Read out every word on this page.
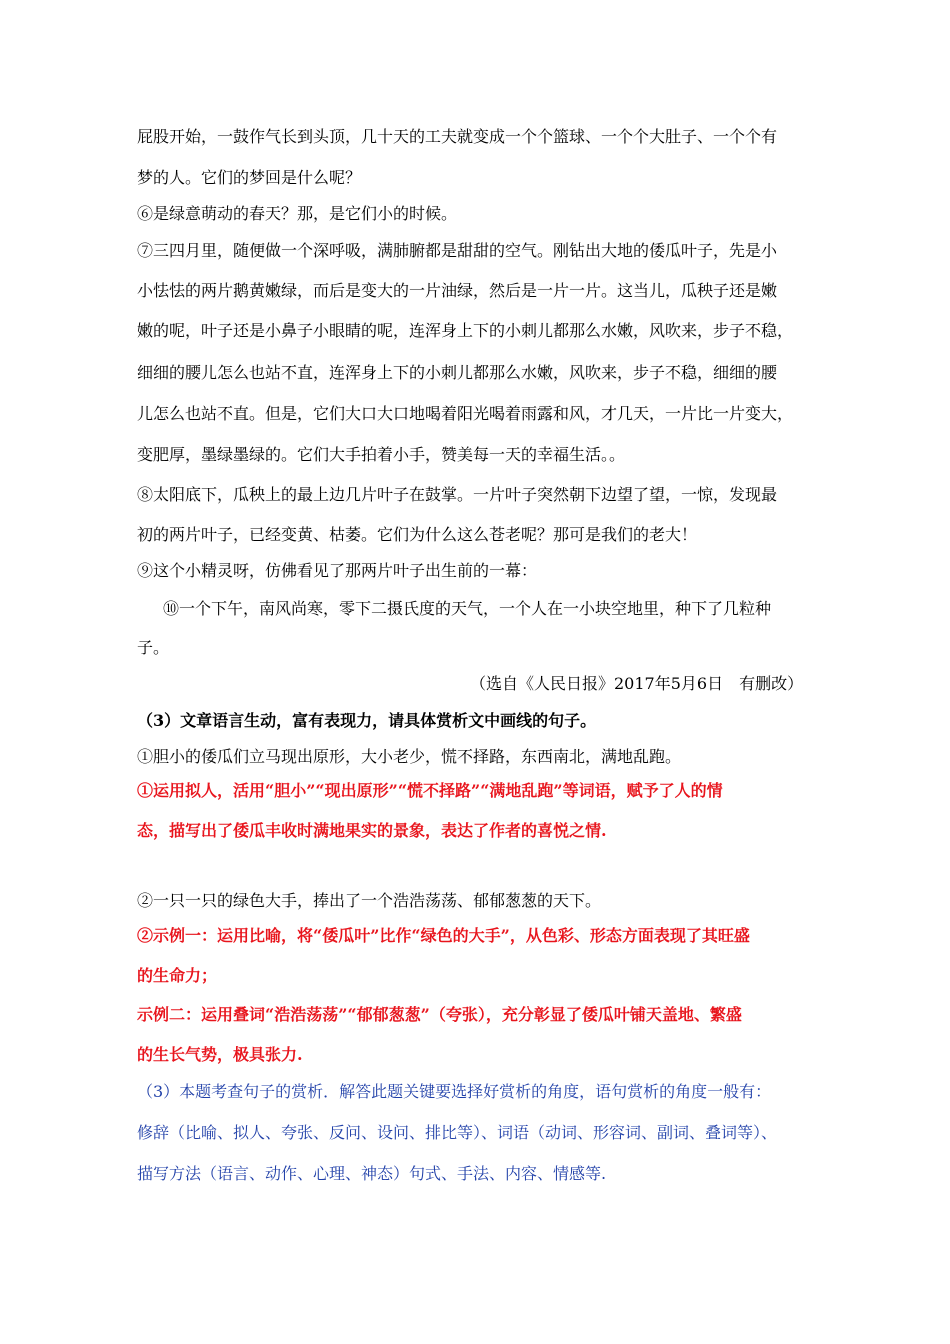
屁股开始，一鼓作气长到头顶，几十天的工夫就变成一个个篮球、一个个大肚子、一个个有
梦的人。它们的梦回是什么呢？
⑥是绿意萌动的春天？那，是它们小的时候。
⑦三四月里，随便做一个深呼吸，满肺腑都是甜甜的空气。刚钻出大地的倭瓜叶子，先是小
小怯怯的两片鹅黄嫩绿，而后是变大的一片油绿，然后是一片一片。这当儿，瓜秧子还是嫩
嫩的呢，叶子还是小鼻子小眼睛的呢，连浑身上下的小刺儿都那么水嫩，风吹来，步子不稳，
细细的腰儿怎么也站不直，连浑身上下的小刺儿都那么水嫩，风吹来，步子不稳，细细的腰
儿怎么也站不直。但是，它们大口大口地喝着阳光喝着雨露和风，才几天，一片比一片变大，
变肥厚，墨绿墨绿的。它们大手拍着小手，赞美每一天的幸福生活。。
⑧太阳底下，瓜秧上的最上边几片叶子在鼓掌。一片叶子突然朝下边望了望，一惊，发现最
初的两片叶子，已经变黄、枯萎。它们为什么这么苍老呢？那可是我们的老大！
⑨这个小精灵呀，仿佛看见了那两片叶子出生前的一幕：
⑩一个下午，南风尚寒，零下二摄氏度的天气，一个人在一小块空地里，种下了几粒种
子。
（选自《人民日报》2017年5月6日　有删改）
（3）文章语言生动，富有表现力，请具体赏析文中画线的句子。
①胆小的倭瓜们立马现出原形，大小老少，慌不择路，东西南北，满地乱跑。
①运用拟人，活用“胆小”“现出原形”“慌不择路”“满地乱跑”等词语，赋予了人的情
态，描写出了倭瓜丰收时满地果实的景象，表达了作者的喜悦之情.
②一只一只的绿色大手，捧出了一个浩浩荡荡、郁郁葱葱的天下。
②示例一：运用比喻，将“倭瓜叶”比作“绿色的大手”，从色彩、形态方面表现了其旺盛
的生命力；
示例二：运用叠词“浩浩荡荡”“郁郁葱葱”（夸张），充分彰显了倭瓜叶铺天盖地、繁盛
的生长气势，极具张力.
（3）本题考查句子的赏析．解答此题关键要选择好赏析的角度，语句赏析的角度一般有：
修辞（比喻、拟人、夸张、反问、设问、排比等）、词语（动词、形容词、副词、叠词等）、
描写方法（语言、动作、心理、神态）句式、手法、内容、情感等.
